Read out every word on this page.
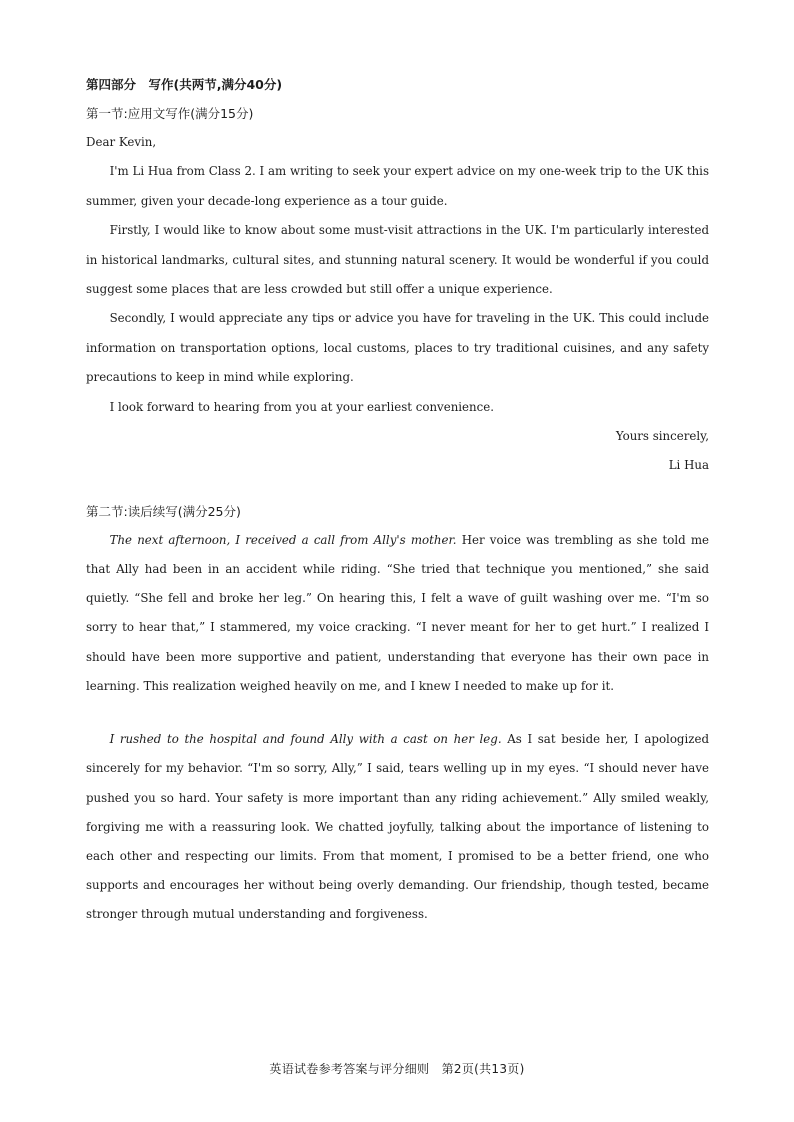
第四部分　写作(共两节,满分40分)
第一节:应用文写作(满分15分)

Dear Kevin,

I'm Li Hua from Class 2. I am writing to seek your expert advice on my one-week trip to the UK this summer, given your decade-long experience as a tour guide.

Firstly, I would like to know about some must-visit attractions in the UK. I'm particularly interested in historical landmarks, cultural sites, and stunning natural scenery. It would be wonderful if you could suggest some places that are less crowded but still offer a unique experience.

Secondly, I would appreciate any tips or advice you have for traveling in the UK. This could include information on transportation options, local customs, places to try traditional cuisines, and any safety precautions to keep in mind while exploring.

I look forward to hearing from you at your earliest convenience.

Yours sincerely,

Li Hua

第二节:读后续写(满分25分)

The next afternoon, I received a call from Ally's mother. Her voice was trembling as she told me that Ally had been in an accident while riding. “She tried that technique you mentioned,” she said quietly. “She fell and broke her leg.” On hearing this, I felt a wave of guilt washing over me. “I'm so sorry to hear that,” I stammered, my voice cracking. “I never meant for her to get hurt.” I realized I should have been more supportive and patient, understanding that everyone has their own pace in learning. This realization weighed heavily on me, and I knew I needed to make up for it.

I rushed to the hospital and found Ally with a cast on her leg. As I sat beside her, I apologized sincerely for my behavior. “I'm so sorry, Ally,” I said, tears welling up in my eyes. “I should never have pushed you so hard. Your safety is more important than any riding achievement.” Ally smiled weakly, forgiving me with a reassuring look. We chatted joyfully, talking about the importance of listening to each other and respecting our limits. From that moment, I promised to be a better friend, one who supports and encourages her without being overly demanding. Our friendship, though tested, became stronger through mutual understanding and forgiveness.

英语试卷参考答案与评分细则　第2页(共13页)
